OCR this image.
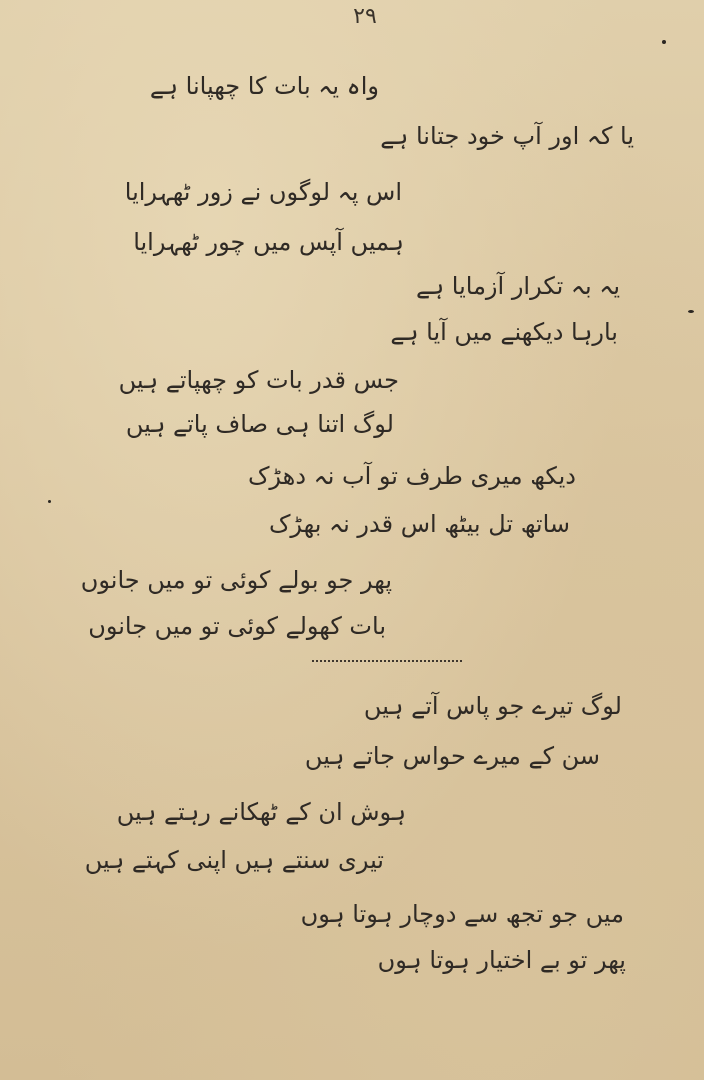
۲۹
واہ یہ بات کا چھپانا ہے
یا کہ اور آپ خود جتانا ہے
اس پہ لوگوں نے زور ٹھہرایا
ہمیں آپس میں چور ٹھہرایا
یہ بہ تکرار آزمایا ہے
بارہا دیکھنے میں آیا ہے
جس قدر بات کو چھپاتے ہیں
لوگ اتنا ہی صاف پاتے ہیں
دیکھ میری طرف تو آب نہ دھڑک
ساتھ تل بیٹھ اس قدر نہ بھڑک
پھر جو بولے کوئی تو میں جانوں
بات کھولے کوئی تو میں جانوں
لوگ تیرے جو پاس آتے ہیں
سن کے میرے حواس جاتے ہیں
ہوش ان کے ٹھکانے رہتے ہیں
تیری سنتے ہیں اپنی کہتے ہیں
میں جو تجھ سے دوچار ہوتا ہوں
پھر تو بے اختیار ہوتا ہوں
